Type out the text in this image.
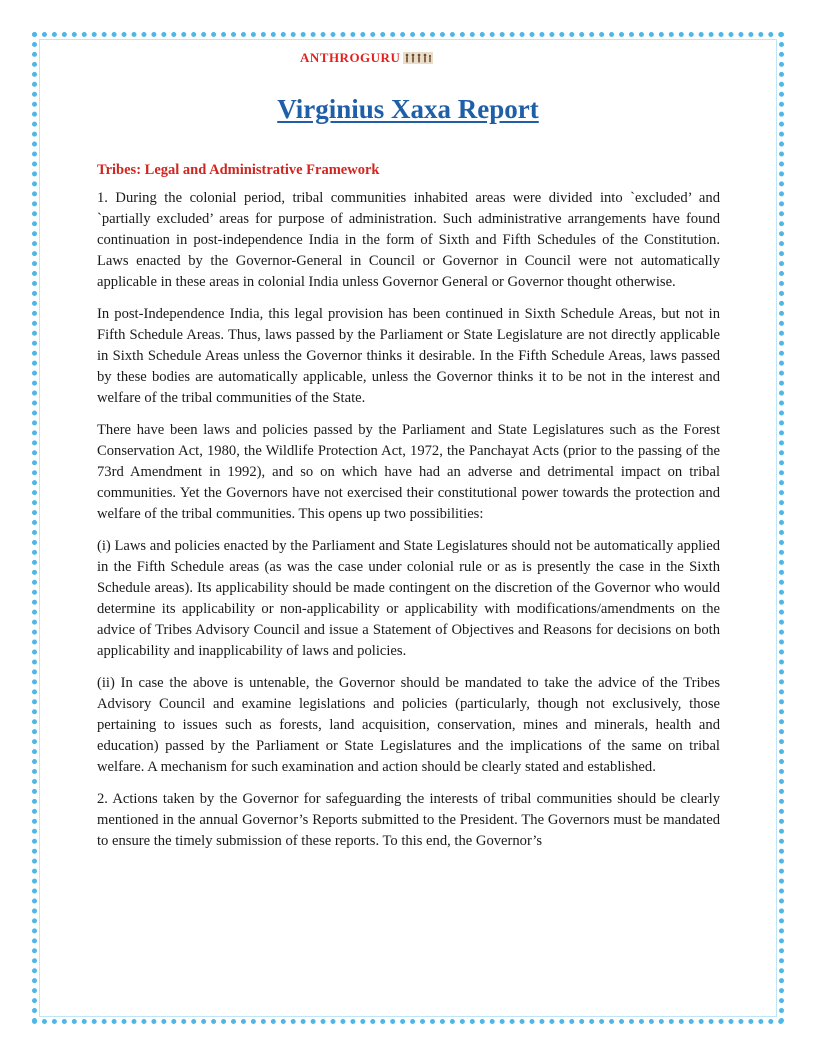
ANTHROGURU
Virginius Xaxa Report
Tribes: Legal and Administrative Framework

1. During the colonial period, tribal communities inhabited areas were divided into `excluded’ and `partially excluded’ areas for purpose of administration. Such administrative arrangements have found continuation in post-independence India in the form of Sixth and Fifth Schedules of the Constitution. Laws enacted by the Governor-General in Council or Governor in Council were not automatically applicable in these areas in colonial India unless Governor General or Governor thought otherwise.

In post-Independence India, this legal provision has been continued in Sixth Schedule Areas, but not in Fifth Schedule Areas. Thus, laws passed by the Parliament or State Legislature are not directly applicable in Sixth Schedule Areas unless the Governor thinks it desirable. In the Fifth Schedule Areas, laws passed by these bodies are automatically applicable, unless the Governor thinks it to be not in the interest and welfare of the tribal communities of the State.

There have been laws and policies passed by the Parliament and State Legislatures such as the Forest Conservation Act, 1980, the Wildlife Protection Act, 1972, the Panchayat Acts (prior to the passing of the 73rd Amendment in 1992), and so on which have had an adverse and detrimental impact on tribal communities. Yet the Governors have not exercised their constitutional power towards the protection and welfare of the tribal communities. This opens up two possibilities:

(i) Laws and policies enacted by the Parliament and State Legislatures should not be automatically applied in the Fifth Schedule areas (as was the case under colonial rule or as is presently the case in the Sixth Schedule areas). Its applicability should be made contingent on the discretion of the Governor who would determine its applicability or non-applicability or applicability with modifications/amendments on the advice of Tribes Advisory Council and issue a Statement of Objectives and Reasons for decisions on both applicability and inapplicability of laws and policies.

(ii) In case the above is untenable, the Governor should be mandated to take the advice of the Tribes Advisory Council and examine legislations and policies (particularly, though not exclusively, those pertaining to issues such as forests, land acquisition, conservation, mines and minerals, health and education) passed by the Parliament or State Legislatures and the implications of the same on tribal welfare. A mechanism for such examination and action should be clearly stated and established.

2. Actions taken by the Governor for safeguarding the interests of tribal communities should be clearly mentioned in the annual Governor’s Reports submitted to the President. The Governors must be mandated to ensure the timely submission of these reports. To this end, the Governor’s
